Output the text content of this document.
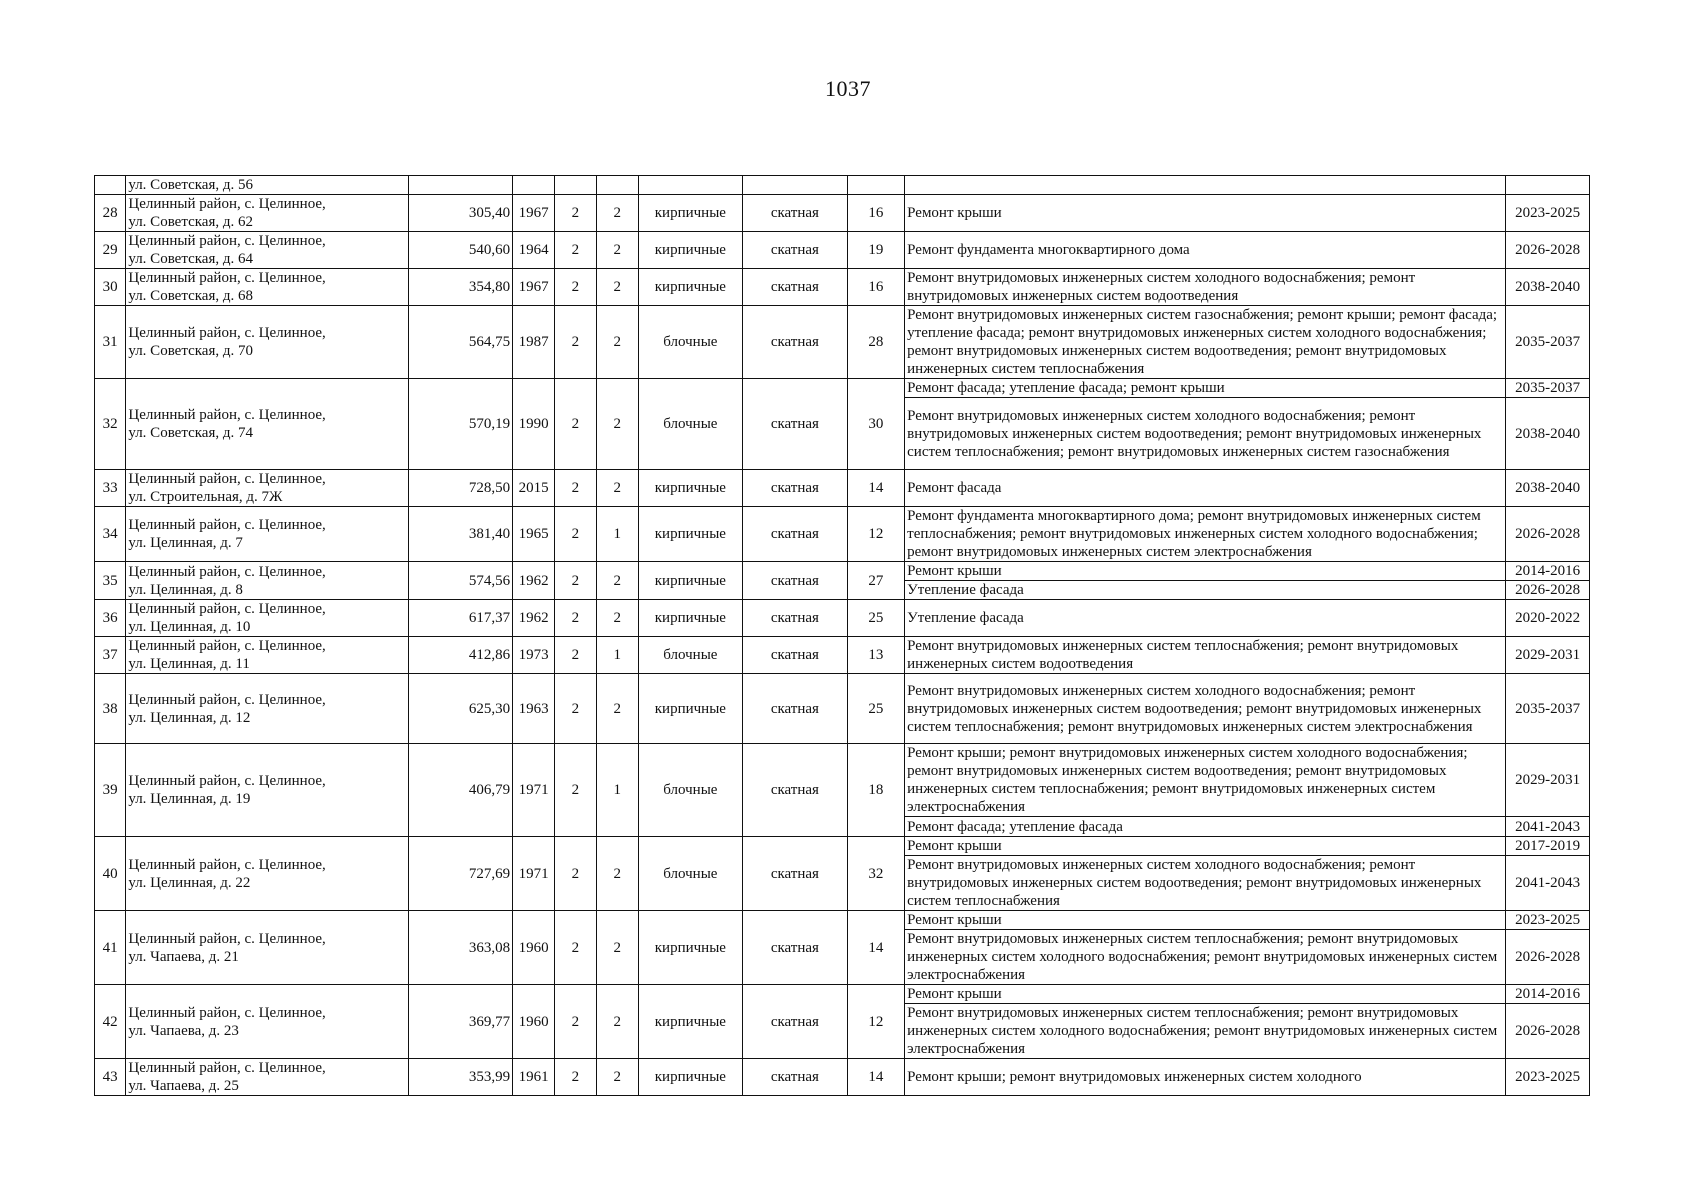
1037
	ул. Советская, д. 56									
28	Целинный район, с. Целинное,
ул. Советская, д. 62	305,40	1967	2	2	кирпичные	скатная	16	Ремонт крыши	2023-2025
29	Целинный район, с. Целинное,
ул. Советская, д. 64	540,60	1964	2	2	кирпичные	скатная	19	Ремонт фундамента многоквартирного дома	2026-2028
30	Целинный район, с. Целинное,
ул. Советская, д. 68	354,80	1967	2	2	кирпичные	скатная	16	Ремонт внутридомовых инженерных систем холодного водоснабжения; ремонт внутридомовых инженерных систем водоотведения	2038-2040
31	Целинный район, с. Целинное,
ул. Советская, д. 70	564,75	1987	2	2	блочные	скатная	28	Ремонт внутридомовых инженерных систем газоснабжения; ремонт крыши; ремонт фасада; утепление фасада; ремонт внутридомовых инженерных систем холодного водоснабжения; ремонт внутридомовых инженерных систем водоотведения; ремонт внутридомовых инженерных систем теплоснабжения	2035-2037
32	Целинный район, с. Целинное,
ул. Советская, д. 74	570,19	1990	2	2	блочные	скатная	30	Ремонт фасада; утепление фасада; ремонт крыши	2035-2037
									Ремонт внутридомовых инженерных систем холодного водоснабжения; ремонт внутридомовых инженерных систем водоотведения; ремонт внутридомовых инженерных систем теплоснабжения; ремонт внутридомовых инженерных систем газоснабжения	2038-2040
33	Целинный район, с. Целинное,
ул. Строительная, д. 7Ж	728,50	2015	2	2	кирпичные	скатная	14	Ремонт фасада	2038-2040
34	Целинный район, с. Целинное,
ул. Целинная, д. 7	381,40	1965	2	1	кирпичные	скатная	12	Ремонт фундамента многоквартирного дома; ремонт внутридомовых инженерных систем теплоснабжения; ремонт внутридомовых инженерных систем холодного водоснабжения; ремонт внутридомовых инженерных систем электроснабжения	2026-2028
35	Целинный район, с. Целинное,
ул. Целинная, д. 8	574,56	1962	2	2	кирпичные	скатная	27	Ремонт крыши	2014-2016
									Утепление фасада	2026-2028
36	Целинный район, с. Целинное,
ул. Целинная, д. 10	617,37	1962	2	2	кирпичные	скатная	25	Утепление фасада	2020-2022
37	Целинный район, с. Целинное,
ул. Целинная, д. 11	412,86	1973	2	1	блочные	скатная	13	Ремонт внутридомовых инженерных систем теплоснабжения; ремонт внутридомовых инженерных систем водоотведения	2029-2031
38	Целинный район, с. Целинное,
ул. Целинная, д. 12	625,30	1963	2	2	кирпичные	скатная	25	Ремонт внутридомовых инженерных систем холодного водоснабжения; ремонт внутридомовых инженерных систем водоотведения; ремонт внутридомовых инженерных систем теплоснабжения; ремонт внутридомовых инженерных систем электроснабжения	2035-2037
39	Целинный район, с. Целинное,
ул. Целинная, д. 19	406,79	1971	2	1	блочные	скатная	18	Ремонт крыши; ремонт внутридомовых инженерных систем холодного водоснабжения; ремонт внутридомовых инженерных систем водоотведения; ремонт внутридомовых инженерных систем теплоснабжения; ремонт внутридомовых инженерных систем электроснабжения	2029-2031
									Ремонт фасада; утепление фасада	2041-2043
40	Целинный район, с. Целинное,
ул. Целинная, д. 22	727,69	1971	2	2	блочные	скатная	32	Ремонт крыши	2017-2019
									Ремонт внутридомовых инженерных систем холодного водоснабжения; ремонт внутридомовых инженерных систем водоотведения; ремонт внутридомовых инженерных систем теплоснабжения	2041-2043
41	Целинный район, с. Целинное,
ул. Чапаева, д. 21	363,08	1960	2	2	кирпичные	скатная	14	Ремонт крыши	2023-2025
									Ремонт внутридомовых инженерных систем теплоснабжения; ремонт внутридомовых инженерных систем холодного водоснабжения; ремонт внутридомовых инженерных систем электроснабжения	2026-2028
42	Целинный район, с. Целинное,
ул. Чапаева, д. 23	369,77	1960	2	2	кирпичные	скатная	12	Ремонт крыши	2014-2016
									Ремонт внутридомовых инженерных систем теплоснабжения; ремонт внутридомовых инженерных систем холодного водоснабжения; ремонт внутридомовых инженерных систем электроснабжения	2026-2028
43	Целинный район, с. Целинное,
ул. Чапаева, д. 25	353,99	1961	2	2	кирпичные	скатная	14	Ремонт крыши; ремонт внутридомовых инженерных систем холодного	2023-2025
